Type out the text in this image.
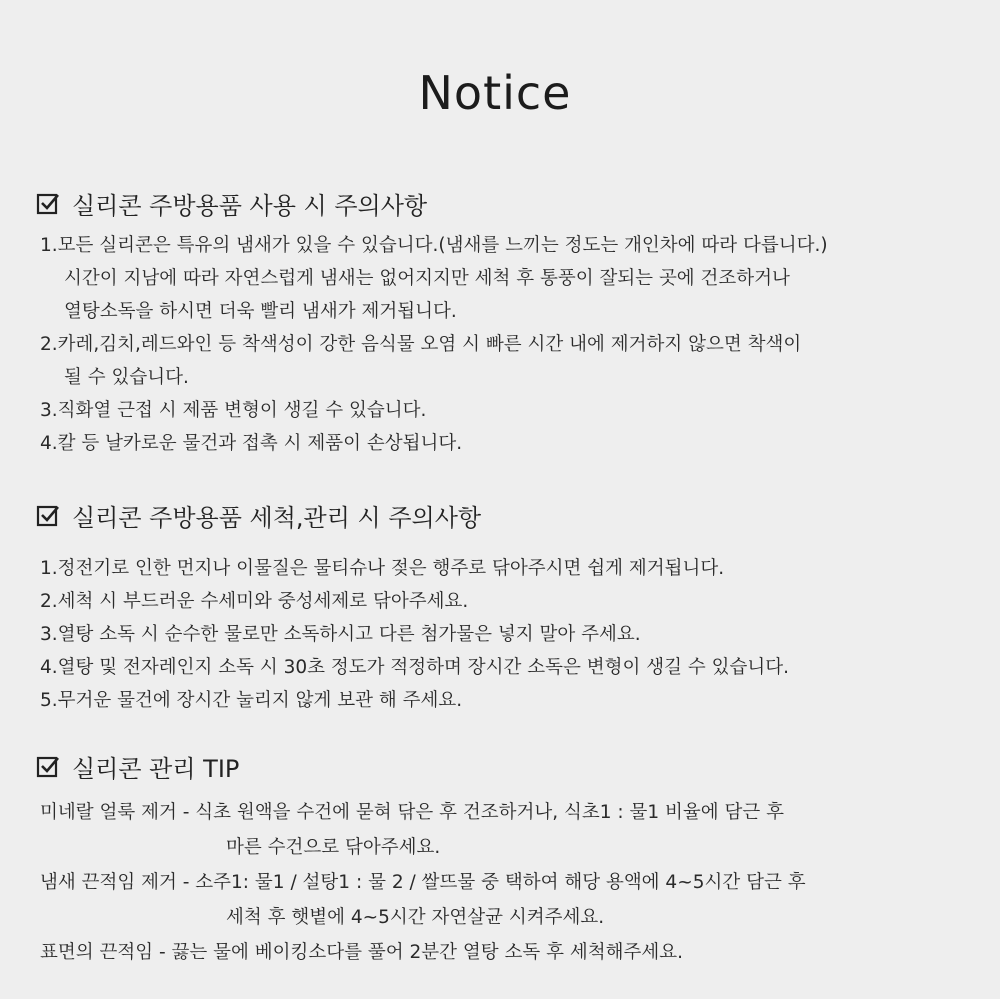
Notice
실리콘 주방용품 사용 시 주의사항
1.모든 실리콘은 특유의 냄새가 있을 수 있습니다.(냄새를 느끼는 정도는 개인차에 따라 다릅니다.)
시간이 지남에 따라 자연스럽게 냄새는 없어지지만 세척 후 통풍이 잘되는 곳에 건조하거나
열탕소독을 하시면 더욱 빨리 냄새가 제거됩니다.
2.카레,김치,레드와인 등 착색성이 강한 음식물 오염 시 빠른 시간 내에 제거하지 않으면 착색이
될 수 있습니다.
3.직화열 근접 시 제품 변형이 생길 수 있습니다.
4.칼 등 날카로운 물건과 접촉 시 제품이 손상됩니다.
실리콘 주방용품 세척,관리 시 주의사항
1.정전기로 인한 먼지나 이물질은 물티슈나 젖은 행주로 닦아주시면 쉽게 제거됩니다.
2.세척 시 부드러운 수세미와 중성세제로 닦아주세요.
3.열탕 소독 시 순수한 물로만 소독하시고 다른 첨가물은 넣지 말아 주세요.
4.열탕 및 전자레인지 소독 시 30초 정도가 적정하며 장시간 소독은 변형이 생길 수 있습니다.
5.무거운 물건에 장시간 눌리지 않게 보관 해 주세요.
실리콘 관리 TIP
미네랄 얼룩 제거 - 식초 원액을 수건에 묻혀 닦은 후 건조하거나, 식초1 : 물1 비율에 담근 후
마른 수건으로 닦아주세요.
냄새 끈적임 제거 - 소주1: 물1 / 설탕1 : 물 2 / 쌀뜨물 중 택하여 해당 용액에 4~5시간 담근 후
세척 후 햇볕에 4~5시간 자연살균 시켜주세요.
표면의 끈적임 - 끓는 물에 베이킹소다를 풀어 2분간 열탕 소독 후 세척해주세요.
